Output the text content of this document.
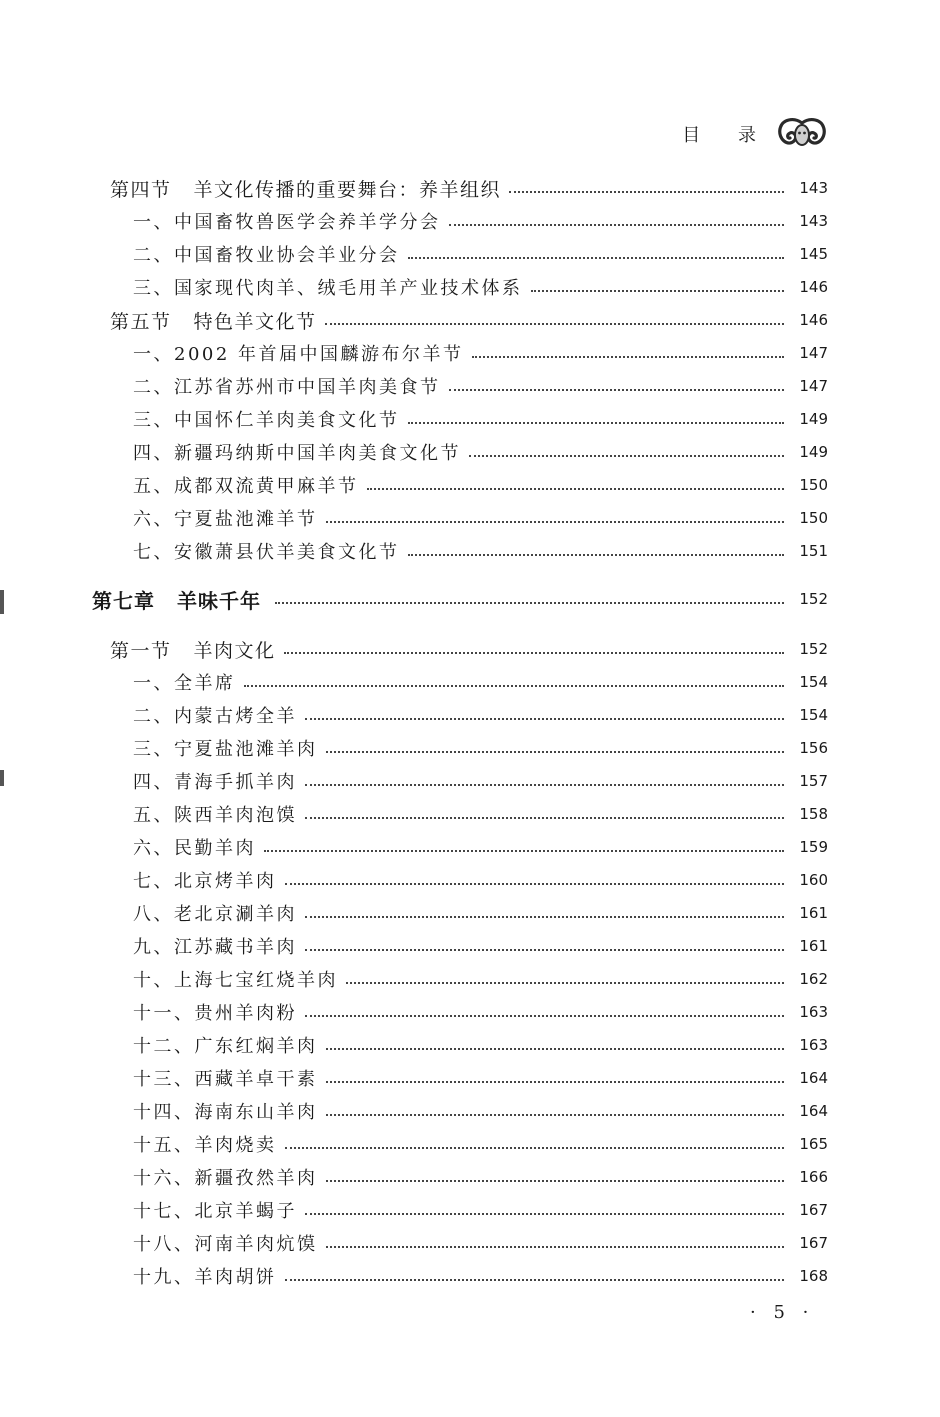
目 录
第四节 羊文化传播的重要舞台：养羊组织	143
一、中国畜牧兽医学会养羊学分会	143
二、中国畜牧业协会羊业分会	145
三、国家现代肉羊、绒毛用羊产业技术体系	146
第五节 特色羊文化节	146
一、2002 年首届中国麟游布尔羊节	147
二、江苏省苏州市中国羊肉美食节	147
三、中国怀仁羊肉美食文化节	149
四、新疆玛纳斯中国羊肉美食文化节	149
五、成都双流黄甲麻羊节	150
六、宁夏盐池滩羊节	150
七、安徽萧县伏羊美食文化节	151
第七章 羊味千年	152
第一节 羊肉文化	152
一、全羊席	154
二、内蒙古烤全羊	154
三、宁夏盐池滩羊肉	156
四、青海手抓羊肉	157
五、陕西羊肉泡馍	158
六、民勤羊肉	159
七、北京烤羊肉	160
八、老北京涮羊肉	161
九、江苏藏书羊肉	161
十、上海七宝红烧羊肉	162
十一、贵州羊肉粉	163
十二、广东红焖羊肉	163
十三、西藏羊卓干素	164
十四、海南东山羊肉	164
十五、羊肉烧卖	165
十六、新疆孜然羊肉	166
十七、北京羊蝎子	167
十八、河南羊肉炕馍	167
十九、羊肉胡饼	168
· 5 ·
